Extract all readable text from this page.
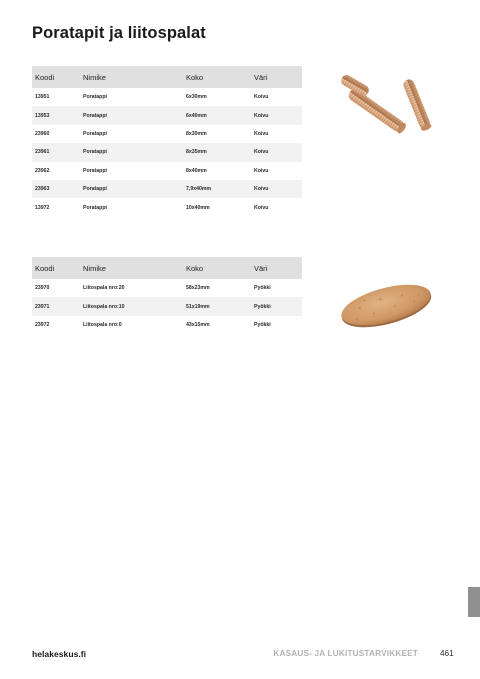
Poratapit ja liitospalat
Koodi	Nimike	Koko	Väri
13951	Poratappi	6x30mm	Koivu
13953	Poratappi	6x40mm	Koivu
23960	Poratappi	8x30mm	Koivu
23961	Poratappi	8x35mm	Koivu
23962	Poratappi	8x40mm	Koivu
23963	Poratappi	7,9x40mm	Koivu
13972	Poratappi	10x40mm	Koivu
Koodi	Nimike	Koko	Väri
23970	Liitospala nro:20	58x23mm	Pyökki
23971	Liitospala nro:10	51x19mm	Pyökki
23972	Liitospala nro:0	43x15mm	Pyökki
helakeskus.fi	KASAUS- JA LUKITUSTARVIKKEET	461
